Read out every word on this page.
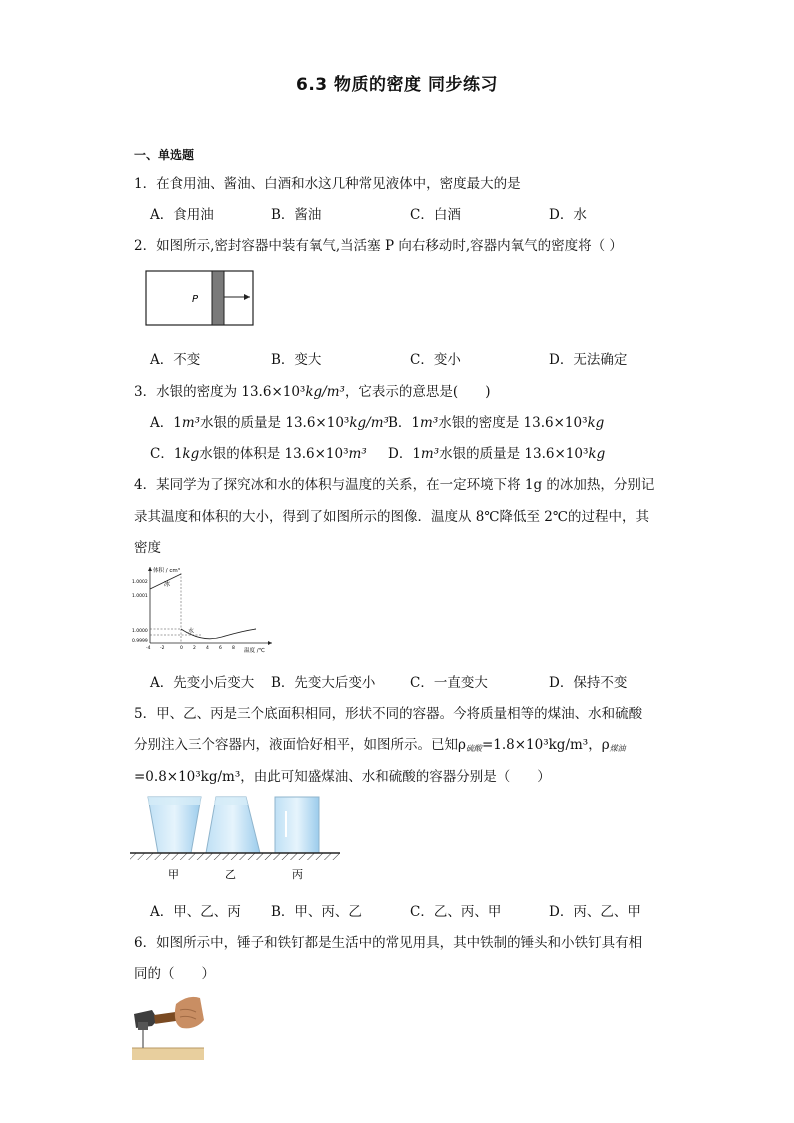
6.3 物质的密度 同步练习
一、单选题
1．在食用油、酱油、白酒和水这几种常见液体中，密度最大的是
A．食用油	B．酱油	C．白酒	D．水
2．如图所示,密封容器中装有氧气,当活塞 P 向右移动时,容器内氧气的密度将（ ）
P
A．不变	B．变大	C．变小	D．无法确定
3．水银的密度为 13.6×10³kg/m³，它表示的意思是(　　)
A．1m³水银的质量是 13.6×10³kg/m³ B．1m³水银的密度是 13.6×10³kg
C．1kg水银的体积是 13.6×10³m³ D．1m³水银的质量是 13.6×10³kg
4．某同学为了探究冰和水的体积与温度的关系，在一定环境下将 1g 的冰加热，分别记
录其温度和体积的大小，得到了如图所示的图像．温度从 8℃降低至 2℃的过程中，其
密度
体积 / cm³
温度 /℃
1.0002
1.0001
1.0000
0.9999
-4 -2	0 2 4 6 8
冰
水
A．先变小后变大 B．先变大后变小	C．一直变大	D．保持不变
5．甲、乙、丙是三个底面积相同，形状不同的容器。今将质量相等的煤油、水和硫酸
分别注入三个容器内，液面恰好相平，如图所示。已知$\rho_{硫酸}=1.8\times 10^3kg/m^3$，$\rho_{煤油}$
=0.8×10³kg/m³，由此可知盛煤油、水和硫酸的容器分别是（　　）
甲	乙	丙
A．甲、乙、丙 B．甲、丙、乙	C．乙、丙、甲	D．丙、乙、甲
6．如图所示中，锤子和铁钉都是生活中的常见用具，其中铁制的锤头和小铁钉具有相
同的（　　）
